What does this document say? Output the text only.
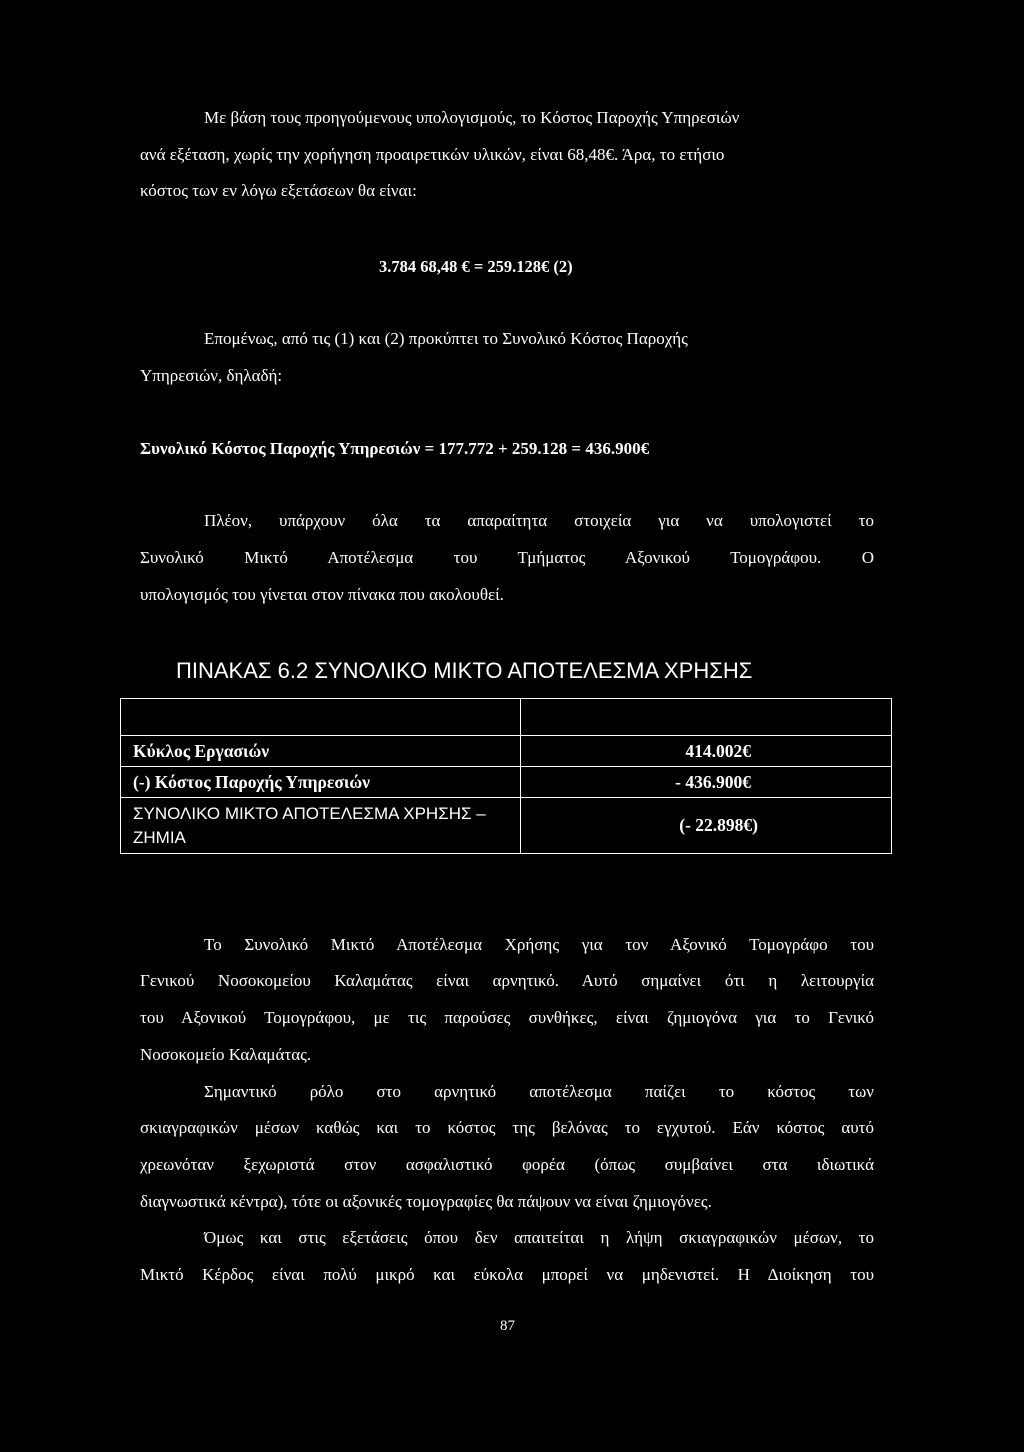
Με βάση τους προηγούμενους υπολογισμούς, το Κόστος Παροχής Υπηρεσιών
ανά εξέταση, χωρίς την χορήγηση προαιρετικών υλικών, είναι 68,48€. Άρα, το ετήσιο
κόστος των εν λόγω εξετάσεων θα είναι:
3.784 68,48 € = 259.128€ (2)
Επομένως, από τις (1) και (2) προκύπτει το Συνολικό Κόστος Παροχής
Υπηρεσιών, δηλαδή:
Συνολικό Κόστος Παροχής Υπηρεσιών = 177.772 + 259.128 = 436.900€
Πλέον, υπάρχουν όλα τα απαραίτητα στοιχεία για να υπολογιστεί το
Συνολικό Μικτό Αποτέλεσμα του Τμήματος Αξονικού Τομογράφου. Ο
υπολογισμός του γίνεται στον πίνακα που ακολουθεί.
ΠΙΝΑΚΑΣ 6.2 ΣΥΝΟΛΙΚΟ ΜΙΚΤΟ ΑΠΟΤΕΛΕΣΜΑ ΧΡΗΣΗΣ

Κύκλος Εργασιών	414.002€
(-) Κόστος Παροχής Υπηρεσιών	- 436.900€
ΣΥΝΟΛΙΚΟ ΜΙΚΤΟ ΑΠΟΤΕΛΕΣΜΑ ΧΡΗΣΗΣ – ΖΗΜΙΑ	(- 22.898€)
Το Συνολικό Μικτό Αποτέλεσμα Χρήσης για τον Αξονικό Τομογράφο του
Γενικού Νοσοκομείου Καλαμάτας είναι αρνητικό. Αυτό σημαίνει ότι η λειτουργία
του Αξονικού Τομογράφου, με τις παρούσες συνθήκες, είναι ζημιογόνα για το Γενικό
Νοσοκομείο Καλαμάτας.
Σημαντικό ρόλο στο αρνητικό αποτέλεσμα παίζει το κόστος των
σκιαγραφικών μέσων καθώς και το κόστος της βελόνας το εγχυτού. Εάν κόστος αυτό
χρεωνόταν ξεχωριστά στον ασφαλιστικό φορέα (όπως συμβαίνει στα ιδιωτικά
διαγνωστικά κέντρα), τότε οι αξονικές τομογραφίες θα πάψουν να είναι ζημιογόνες.
Όμως και στις εξετάσεις όπου δεν απαιτείται η λήψη σκιαγραφικών μέσων, το
Μικτό Κέρδος είναι πολύ μικρό και εύκολα μπορεί να μηδενιστεί. Η Διοίκηση του
87
